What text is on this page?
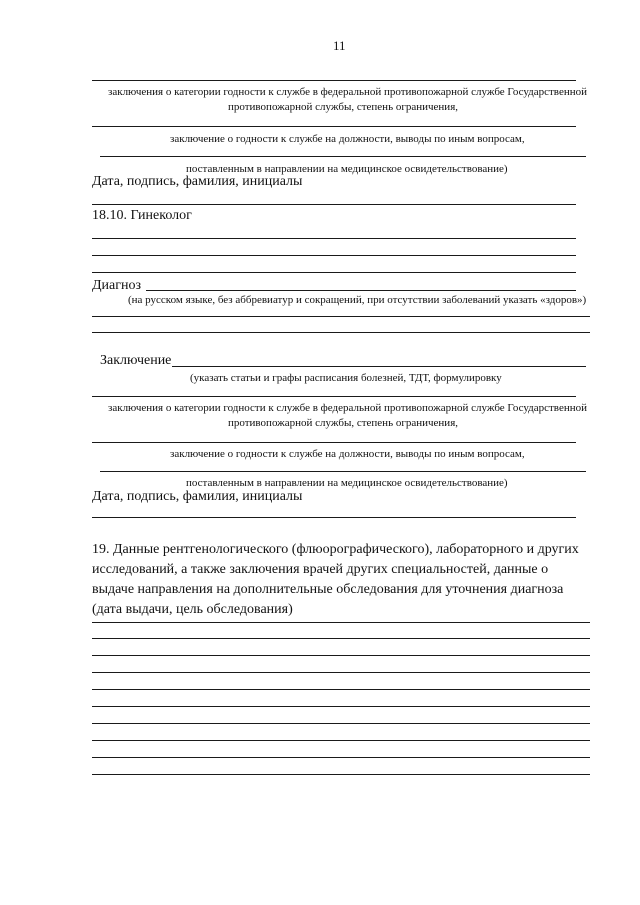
11
заключения о категории годности к службе в федеральной противопожарной службе Государственной
противопожарной службы, степень ограничения,
заключение о годности к службе на должности, выводы по иным вопросам,
поставленным в направлении на медицинское освидетельствование)
Дата, подпись, фамилия, инициалы
18.10. Гинеколог
Диагноз
(на русском языке, без аббревиатур и сокращений, при отсутствии заболеваний указать «здоров»)
Заключение
(указать статьи и графы расписания болезней, ТДТ, формулировку
заключения о категории годности к службе в федеральной противопожарной службе Государственной
противопожарной службы, степень ограничения,
заключение о годности к службе на должности, выводы по иным вопросам,
поставленным в направлении на медицинское освидетельствование)
Дата, подпись, фамилия, инициалы
19. Данные рентгенологического (флюорографического), лабораторного и других исследований, а также заключения врачей других специальностей, данные о выдаче направления на дополнительные обследования для уточнения диагноза (дата выдачи, цель обследования)
